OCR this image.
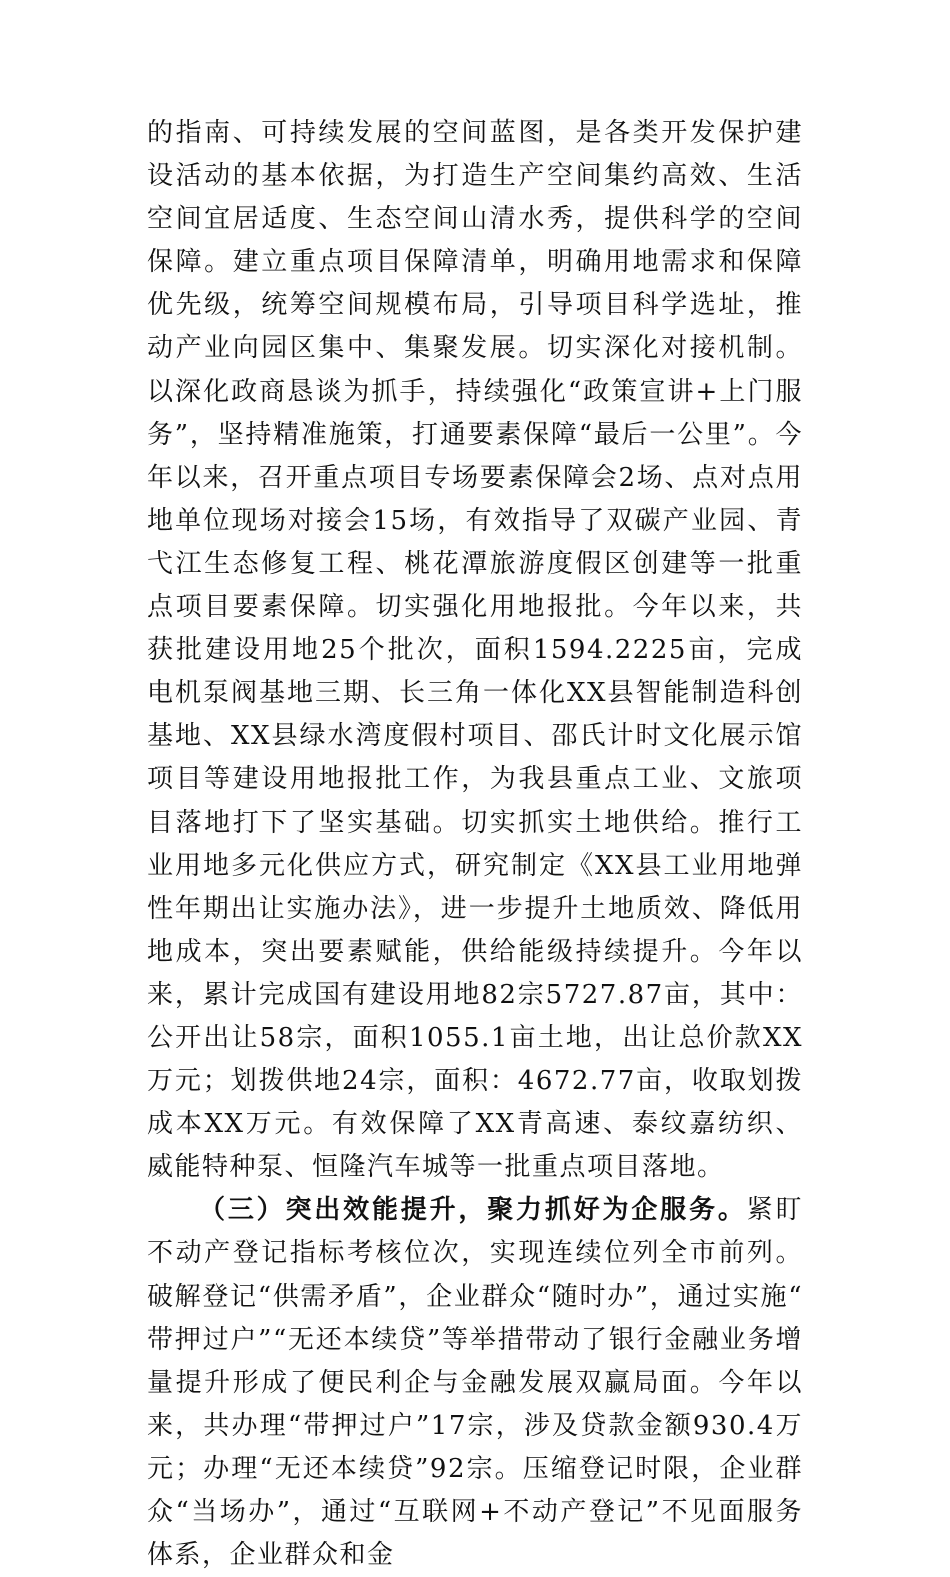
的指南、可持续发展的空间蓝图，是各类开发保护建设活动的基本依据，为打造生产空间集约高效、生活空间宜居适度、生态空间山清水秀，提供科学的空间保障。建立重点项目保障清单，明确用地需求和保障优先级，统筹空间规模布局，引导项目科学选址，推动产业向园区集中、集聚发展。切实深化对接机制。以深化政商恳谈为抓手，持续强化“政策宣讲+上门服务”，坚持精准施策，打通要素保障“最后一公里”。今年以来，召开重点项目专场要素保障会2场、点对点用地单位现场对接会15场，有效指导了双碳产业园、青弋江生态修复工程、桃花潭旅游度假区创建等一批重点项目要素保障。切实强化用地报批。今年以来，共获批建设用地25个批次，面积1594.2225亩，完成电机泵阀基地三期、长三角一体化XX县智能制造科创基地、XX县绿水湾度假村项目、邵氏计时文化展示馆项目等建设用地报批工作，为我县重点工业、文旅项目落地打下了坚实基础。切实抓实土地供给。推行工业用地多元化供应方式，研究制定《XX县工业用地弹性年期出让实施办法》，进一步提升土地质效、降低用地成本，突出要素赋能，供给能级持续提升。今年以来，累计完成国有建设用地82宗5727.87亩，其中：公开出让58宗，面积1055.1亩土地，出让总价款XX万元；划拨供地24宗，面积：4672.77亩，收取划拨成本XX万元。有效保障了XX青高速、泰纹嘉纺织、威能特种泵、恒隆汽车城等一批重点项目落地。

（三）突出效能提升，聚力抓好为企服务。紧盯不动产登记指标考核位次，实现连续位列全市前列。破解登记“供需矛盾”，企业群众“随时办”，通过实施“带押过户”“无还本续贷”等举措带动了银行金融业务增量提升形成了便民利企与金融发展双赢局面。今年以来，共办理“带押过户”17宗，涉及贷款金额930.4万元；办理“无还本续贷”92宗。压缩登记时限，企业群众“当场办”，通过“互联网+不动产登记”不见面服务体系，企业群众和金
